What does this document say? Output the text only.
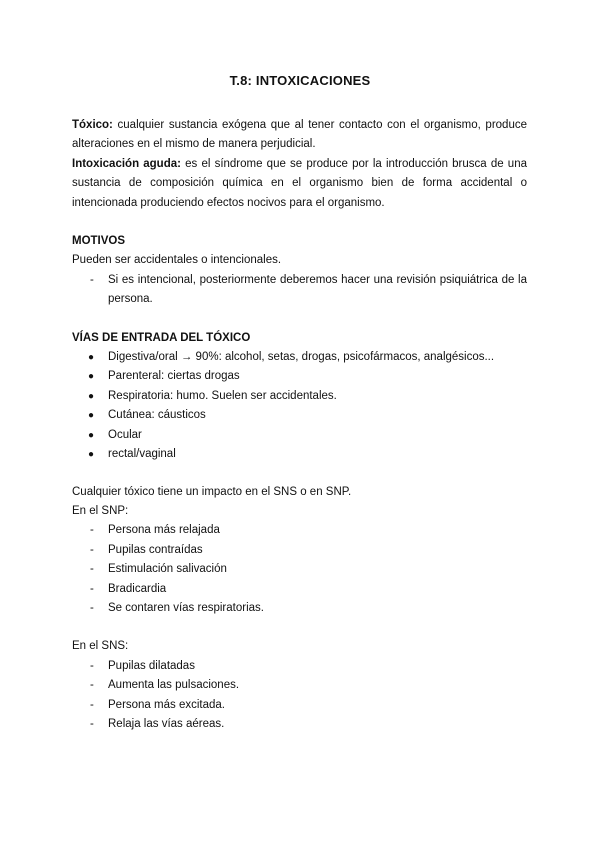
T.8: INTOXICACIONES

Tóxico: cualquier sustancia exógena que al tener contacto con el organismo, produce alteraciones en el mismo de manera perjudicial.

Intoxicación aguda: es el síndrome que se produce por la introducción brusca de una sustancia de composición química en el organismo bien de forma accidental o intencionada produciendo efectos nocivos para el organismo.

MOTIVOS

Pueden ser accidentales o intencionales.

- Si es intencional, posteriormente deberemos hacer una revisión psiquiátrica de la persona.

VÍAS DE ENTRADA DEL TÓXICO

● Digestiva/oral → 90%: alcohol, setas, drogas, psicofármacos, analgésicos...
● Parenteral: ciertas drogas
● Respiratoria: humo. Suelen ser accidentales.
● Cutánea: cáusticos
● Ocular
● rectal/vaginal

Cualquier tóxico tiene un impacto en el SNS o en SNP.

En el SNP:

- Persona más relajada
- Pupilas contraídas
- Estimulación salivación
- Bradicardia
- Se contaren vías respiratorias.

En el SNS:

- Pupilas dilatadas
- Aumenta las pulsaciones.
- Persona más excitada.
- Relaja las vías aéreas.
